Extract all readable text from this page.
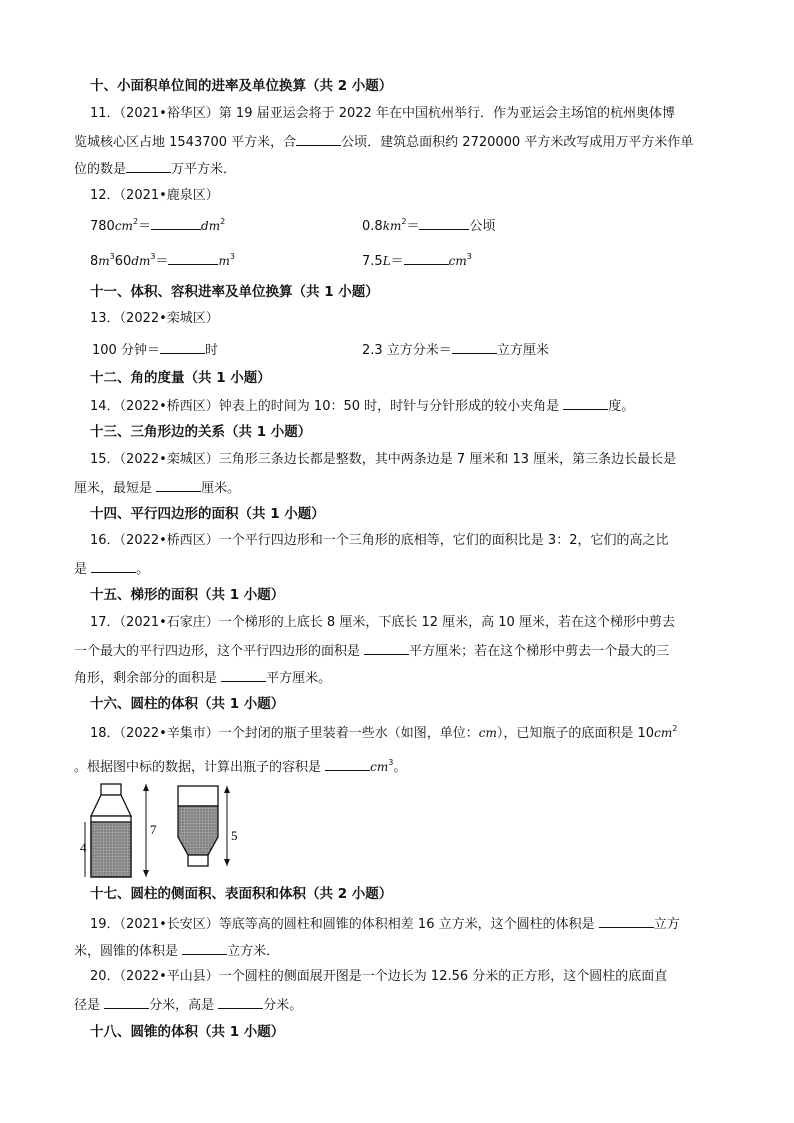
十、小面积单位间的进率及单位换算（共 2 小题）
11．（2021•裕华区）第 19 届亚运会将于 2022 年在中国杭州举行．作为亚运会主场馆的杭州奥体博
览城核心区占地 1543700 平方米，合	公顷．建筑总面积约 2720000 平方米改写成用万平方米作单
位的数是	万平方米．
12．（2021•鹿泉区）
$780cm^2=$	$dm^2$	$0.8km^2=$	公顷
$8m^360dm^3=$	$m^3$	7.5L＝	$cm^3$
十一、体积、容积进率及单位换算（共 1 小题）
13．（2022•栾城区）
100 分钟＝	时	2.3 立方分米＝	立方厘米
十二、角的度量（共 1 小题）
14．（2022•桥西区）钟表上的时间为 10：50 时，时针与分针形成的较小夹角是	度。
十三、三角形边的关系（共 1 小题）
15．（2022•栾城区）三角形三条边长都是整数，其中两条边是 7 厘米和 13 厘米，第三条边长最长是
厘米，最短是	厘米。
十四、平行四边形的面积（共 1 小题）
16．（2022•桥西区）一个平行四边形和一个三角形的底相等，它们的面积比是 3：2，它们的高之比
是	。
十五、梯形的面积（共 1 小题）
17．（2021•石家庄）一个梯形的上底长 8 厘米，下底长 12 厘米，高 10 厘米，若在这个梯形中剪去
一个最大的平行四边形，这个平行四边形的面积是	平方厘米；若在这个梯形中剪去一个最大的三
角形，剩余部分的面积是	平方厘米。
十六、圆柱的体积（共 1 小题）
18．（2022•辛集市）一个封闭的瓶子里装着一些水（如图，单位：cm），已知瓶子的底面积是 $10cm^2$
。根据图中标的数据，计算出瓶子的容积是	$cm^3$。
4
7	5
十七、圆柱的侧面积、表面积和体积（共 2 小题）
19．（2021•长安区）等底等高的圆柱和圆锥的体积相差 16 立方米，这个圆柱的体积是	立方
米，圆锥的体积是	立方米．
20．（2022•平山县）一个圆柱的侧面展开图是一个边长为 12.56 分米的正方形，这个圆柱的底面直
径是	分米，高是	分米。
十八、圆锥的体积（共 1 小题）
